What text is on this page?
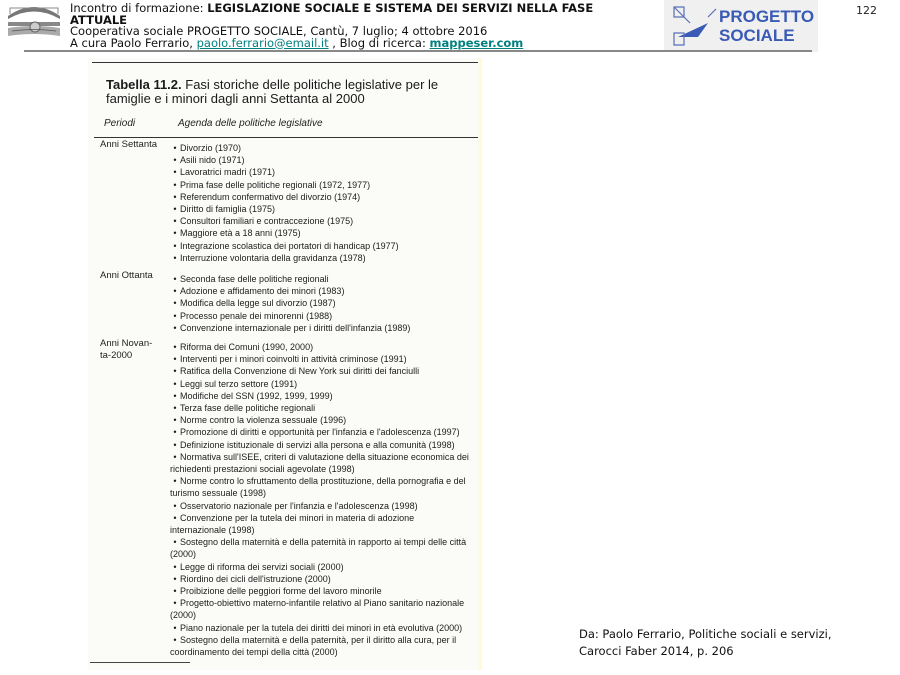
Incontro di formazione: LEGISLAZIONE SOCIALE E SISTEMA DEI SERVIZI NELLA FASE
ATTUALE
Cooperativa sociale PROGETTO SOCIALE, Cantù, 7 luglio; 4 ottobre 2016
A cura Paolo Ferrario, paolo.ferrario@email.it , Blog di ricerca: mappeser.com
PROGETTO
SOCIALE
122
Tabella 11.2. Fasi storiche delle politiche legislative per le famiglie e i minori dagli anni Settanta al 2000
Periodi	Agenda delle politiche legislative
Anni Settanta	• Divorzio (1970)
• Asili nido (1971)
• Lavoratrici madri (1971)
• Prima fase delle politiche regionali (1972, 1977)
• Referendum confermativo del divorzio (1974)
• Diritto di famiglia (1975)
• Consultori familiari e contraccezione (1975)
• Maggiore età a 18 anni (1975)
• Integrazione scolastica dei portatori di handicap (1977)
• Interruzione volontaria della gravidanza (1978)
Anni Ottanta	• Seconda fase delle politiche regionali
• Adozione e affidamento dei minori (1983)
• Modifica della legge sul divorzio (1987)
• Processo penale dei minorenni (1988)
• Convenzione internazionale per i diritti dell'infanzia (1989)
Anni Novan-
ta-2000
• Riforma dei Comuni (1990, 2000)
• Interventi per i minori coinvolti in attività criminose (1991)
• Ratifica della Convenzione di New York sui diritti dei fanciulli
• Leggi sul terzo settore (1991)
• Modifiche del SSN (1992, 1999, 1999)
• Terza fase delle politiche regionali
• Norme contro la violenza sessuale (1996)
• Promozione di diritti e opportunità per l'infanzia e l'adolescenza (1997)
• Definizione istituzionale di servizi alla persona e alla comunità (1998)
• Normativa sull'ISEE, criteri di valutazione della situazione economica dei richiedenti prestazioni sociali agevolate (1998)
• Norme contro lo sfruttamento della prostituzione, della pornografia e del turismo sessuale (1998)
• Osservatorio nazionale per l'infanzia e l'adolescenza (1998)
• Convenzione per la tutela dei minori in materia di adozione internazionale (1998)
• Sostegno della maternità e della paternità in rapporto ai tempi delle città (2000)
• Legge di riforma dei servizi sociali (2000)
• Riordino dei cicli dell'istruzione (2000)
• Proibizione delle peggiori forme del lavoro minorile
• Progetto-obiettivo materno-infantile relativo al Piano sanitario nazionale (2000)
• Piano nazionale per la tutela dei diritti dei minori in età evolutiva (2000)
• Sostegno della maternità e della paternità, per il diritto alla cura, per il coordinamento dei tempi della città (2000)
Da: Paolo Ferrario, Politiche sociali e servizi,
Carocci Faber 2014, p. 206
